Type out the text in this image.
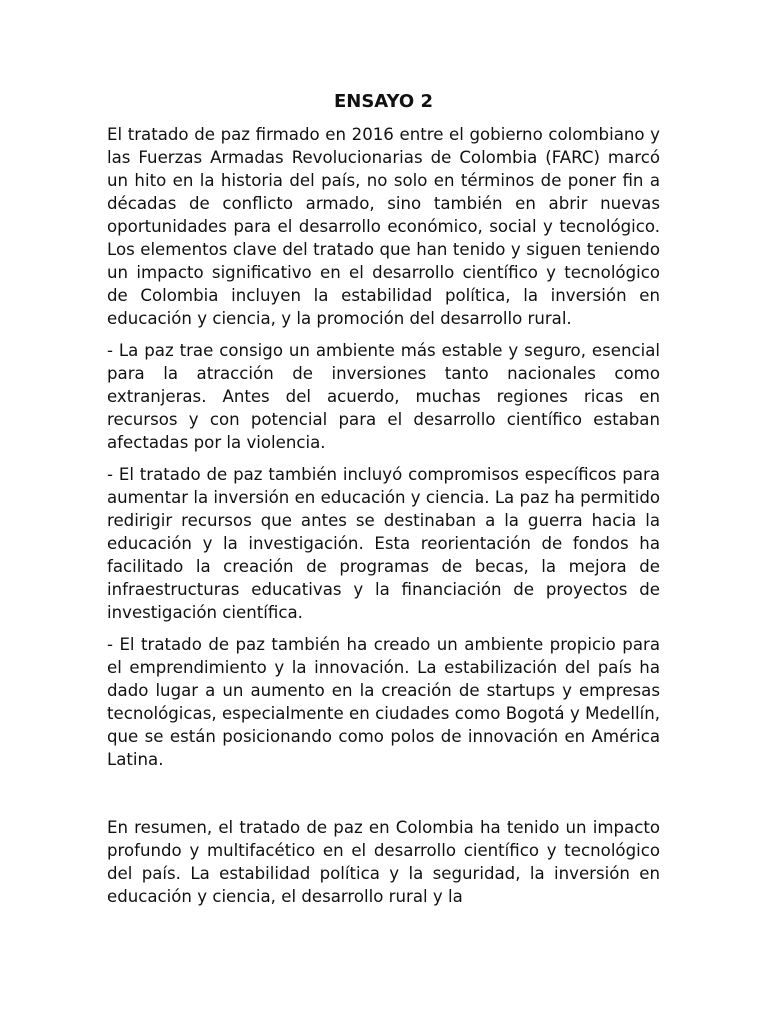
ENSAYO 2

El tratado de paz firmado en 2016 entre el gobierno colombiano y las Fuerzas Armadas Revolucionarias de Colombia (FARC) marcó un hito en la historia del país, no solo en términos de poner fin a décadas de conflicto armado, sino también en abrir nuevas oportunidades para el desarrollo económico, social y tecnológico. Los elementos clave del tratado que han tenido y siguen teniendo un impacto significativo en el desarrollo científico y tecnológico de Colombia incluyen la estabilidad política, la inversión en educación y ciencia, y la promoción del desarrollo rural.

- La paz trae consigo un ambiente más estable y seguro, esencial para la atracción de inversiones tanto nacionales como extranjeras. Antes del acuerdo, muchas regiones ricas en recursos y con potencial para el desarrollo científico estaban afectadas por la violencia.

- El tratado de paz también incluyó compromisos específicos para aumentar la inversión en educación y ciencia. La paz ha permitido redirigir recursos que antes se destinaban a la guerra hacia la educación y la investigación. Esta reorientación de fondos ha facilitado la creación de programas de becas, la mejora de infraestructuras educativas y la financiación de proyectos de investigación científica.

- El tratado de paz también ha creado un ambiente propicio para el emprendimiento y la innovación. La estabilización del país ha dado lugar a un aumento en la creación de startups y empresas tecnológicas, especialmente en ciudades como Bogotá y Medellín, que se están posicionando como polos de innovación en América Latina.

En resumen, el tratado de paz en Colombia ha tenido un impacto profundo y multifacético en el desarrollo científico y tecnológico del país. La estabilidad política y la seguridad, la inversión en educación y ciencia, el desarrollo rural y la
